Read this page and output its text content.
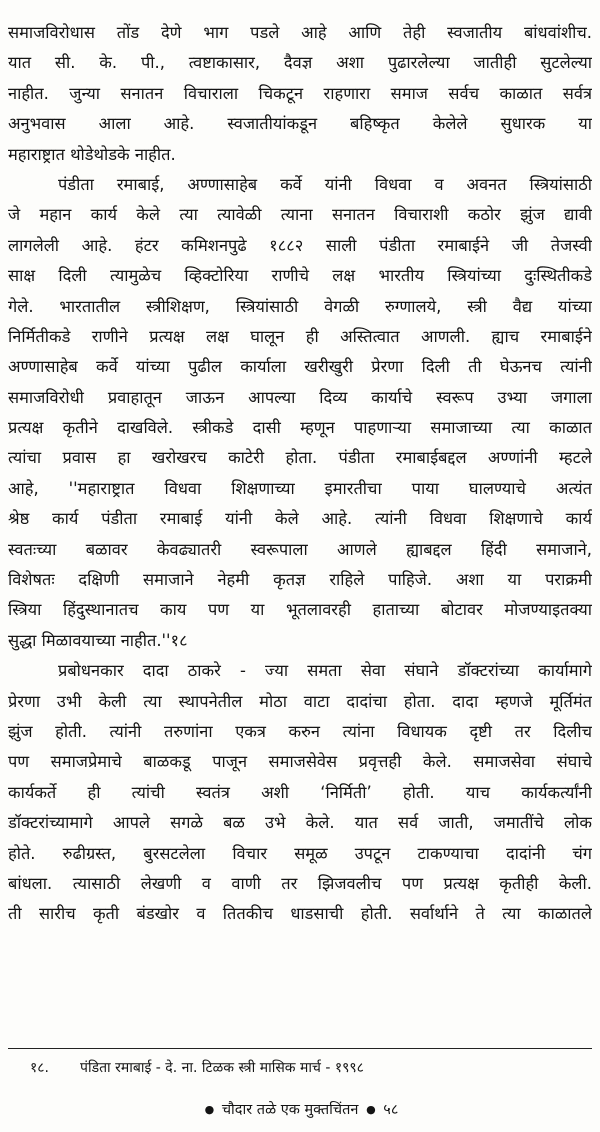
समाजविरोधास तोंड देणे भाग पडले आहे आणि तेही स्वजातीय बांधवांशीच.
यात सी. के. पी., त्वष्टाकासार, दैवज्ञ अशा पुढारलेल्या जातीही सुटलेल्या
नाहीत. जुन्या सनातन विचाराला चिकटून राहणारा समाज सर्वच काळात सर्वत्र
अनुभवास आला आहे. स्वजातीयांकडून बहिष्कृत केलेले सुधारक या
महाराष्ट्रात थोडेथोडके नाहीत.
पंडीता रमाबाई, अण्णासाहेब कर्वे यांनी विधवा व अवनत स्त्रियांसाठी
जे महान कार्य केले त्या त्यावेळी त्याना सनातन विचाराशी कठोर झुंज द्यावी
लागलेली आहे. हंटर कमिशनपुढे १८८२ साली पंडीता रमाबाईने जी तेजस्वी
साक्ष दिली त्यामुळेच व्हिक्टोरिया राणीचे लक्ष भारतीय स्त्रियांच्या दुःस्थितीकडे
गेले. भारतातील स्त्रीशिक्षण, स्त्रियांसाठी वेगळी रुग्णालये, स्त्री वैद्य यांच्या
निर्मितीकडे राणीने प्रत्यक्ष लक्ष घालून ही अस्तित्वात आणली. ह्याच रमाबाईने
अण्णासाहेब कर्वे यांच्या पुढील कार्याला खरीखुरी प्रेरणा दिली ती घेऊनच त्यांनी
समाजविरोधी प्रवाहातून जाऊन आपल्या दिव्य कार्याचे स्वरूप उभ्या जगाला
प्रत्यक्ष कृतीने दाखविले. स्त्रीकडे दासी म्हणून पाहणाऱ्या समाजाच्या त्या काळात
त्यांचा प्रवास हा खरोखरच काटेरी होता. पंडीता रमाबाईबद्दल अण्णांनी म्हटले
आहे, ''महाराष्ट्रात विधवा शिक्षणाच्या इमारतीचा पाया घालण्याचे अत्यंत
श्रेष्ठ कार्य पंडीता रमाबाई यांनी केले आहे. त्यांनी विधवा शिक्षणाचे कार्य
स्वतःच्या बळावर केवढ्यातरी स्वरूपाला आणले ह्याबद्दल हिंदी समाजाने,
विशेषतः दक्षिणी समाजाने नेहमी कृतज्ञ राहिले पाहिजे. अशा या पराक्रमी
स्त्रिया हिंदुस्थानातच काय पण या भूतलावरही हाताच्या बोटावर मोजण्याइतक्या
सुद्धा मिळावयाच्या नाहीत.''१८
प्रबोधनकार दादा ठाकरे - ज्या समता सेवा संघाने डॉक्टरांच्या कार्यामागे
प्रेरणा उभी केली त्या स्थापनेतील मोठा वाटा दादांचा होता. दादा म्हणजे मूर्तिमंत
झुंज होती. त्यांनी तरुणांना एकत्र करुन त्यांना विधायक दृष्टी तर दिलीच
पण समाजप्रेमाचे बाळकडू पाजून समाजसेवेस प्रवृत्तही केले. समाजसेवा संघाचे
कार्यकर्ते ही त्यांची स्वतंत्र अशी ‘निर्मिती’ होती. याच कार्यकर्त्यांनी
डॉक्टरांच्यामागे आपले सगळे बळ उभे केले. यात सर्व जाती, जमातींचे लोक
होते. रुढीग्रस्त, बुरसटलेला विचार समूळ उपटून टाकण्याचा दादांनी चंग
बांधला. त्यासाठी लेखणी व वाणी तर झिजवलीच पण प्रत्यक्ष कृतीही केली.
ती सारीच कृती बंडखोर व तितकीच धाडसाची होती. सर्वार्थाने ते त्या काळातले
१८. पंडिता रमाबाई - दे. ना. टिळक स्त्री मासिक मार्च - १९९८
● चौदार तळे एक मुक्तचिंतन ● ५८
